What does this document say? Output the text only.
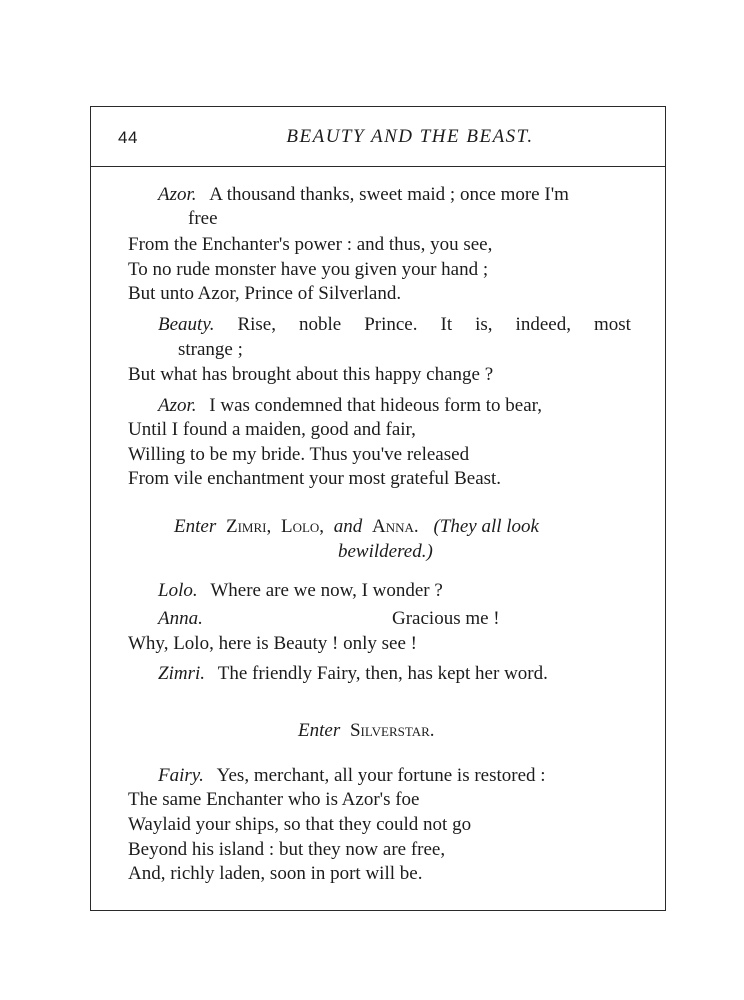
44	BEAUTY AND THE BEAST.
Azor. A thousand thanks, sweet maid ; once more I'm
free
From the Enchanter's power : and thus, you see,
To no rude monster have you given your hand ;
But unto Azor, Prince of Silverland.
Beauty. Rise, noble Prince. It is, indeed, most
strange ;
But what has brought about this happy change ?
Azor. I was condemned that hideous form to bear,
Until I found a maiden, good and fair,
Willing to be my bride. Thus you've released
From vile enchantment your most grateful Beast.
Enter Zimri, Lolo, and Anna. (They all look
bewildered.)
Lolo. Where are we now, I wonder ?
Anna.	Gracious me !
Why, Lolo, here is Beauty ! only see !
Zimri. The friendly Fairy, then, has kept her word.
Enter Silverstar.
Fairy. Yes, merchant, all your fortune is restored :
The same Enchanter who is Azor's foe
Waylaid your ships, so that they could not go
Beyond his island : but they now are free,
And, richly laden, soon in port will be.
